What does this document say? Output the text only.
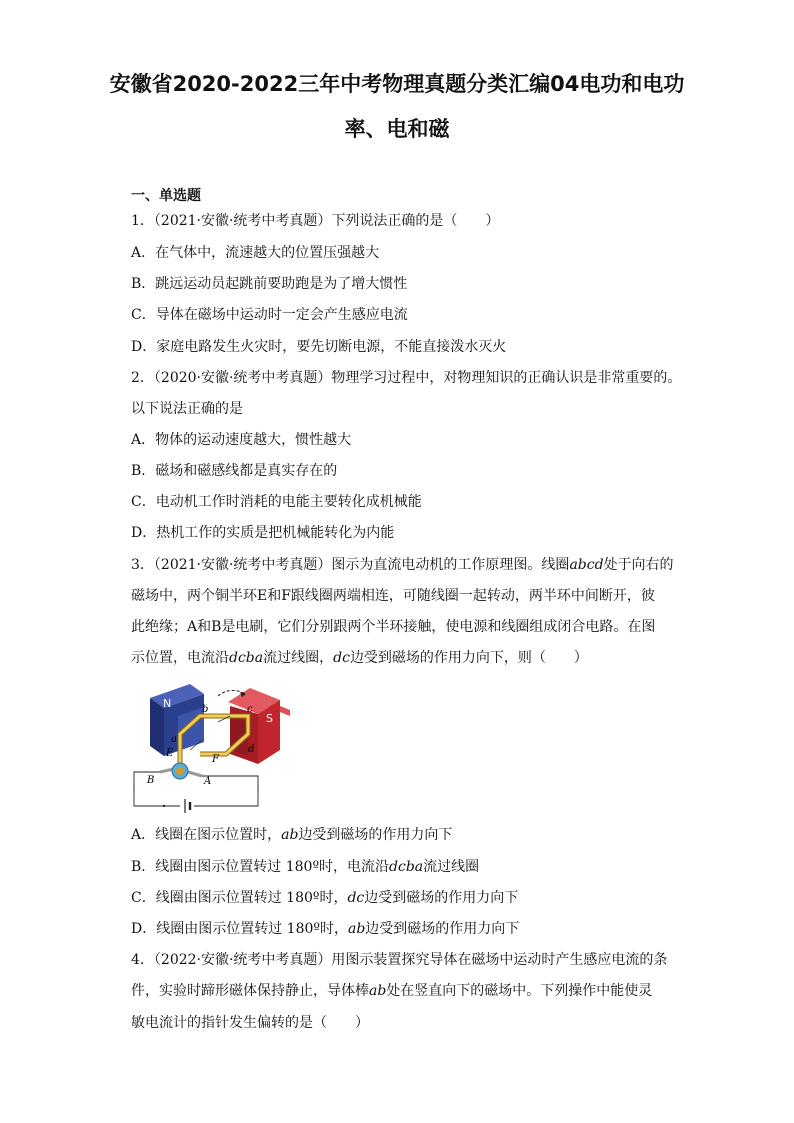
安徽省2020-2022三年中考物理真题分类汇编04电功和电功
率、电和磁
一、单选题
1．（2021·安徽·统考中考真题）下列说法正确的是（　　）
A．在气体中，流速越大的位置压强越大
B．跳远运动员起跳前要助跑是为了增大惯性
C．导体在磁场中运动时一定会产生感应电流
D．家庭电路发生火灾时，要先切断电源，不能直接泼水灭火
2．（2020·安徽·统考中考真题）物理学习过程中，对物理知识的正确认识是非常重要的。
以下说法正确的是
A．物体的运动速度越大，惯性越大
B．磁场和磁感线都是真实存在的
C．电动机工作时消耗的电能主要转化成机械能
D．热机工作的实质是把机械能转化为内能
3．（2021·安徽·统考中考真题）图示为直流电动机的工作原理图。线圈abcd处于向右的
磁场中，两个铜半环E和F跟线圈两端相连，可随线圈一起转动，两半环中间断开，彼
此绝缘；A和B是电刷，它们分别跟两个半环接触，使电源和线圈组成闭合电路。在图
示位置，电流沿dcba流过线圈，dc边受到磁场的作用力向下，则（　　）
N
S
b	c
d
a
E
F
B	A
A．线圈在图示位置时，ab边受到磁场的作用力向下
B．线圈由图示位置转过 180º时，电流沿dcba流过线圈
C．线圈由图示位置转过 180º时，dc边受到磁场的作用力向下
D．线圈由图示位置转过 180º时，ab边受到磁场的作用力向下
4．（2022·安徽·统考中考真题）用图示装置探究导体在磁场中运动时产生感应电流的条
件，实验时蹄形磁体保持静止，导体棒ab处在竖直向下的磁场中。下列操作中能使灵
敏电流计的指针发生偏转的是（　　）
